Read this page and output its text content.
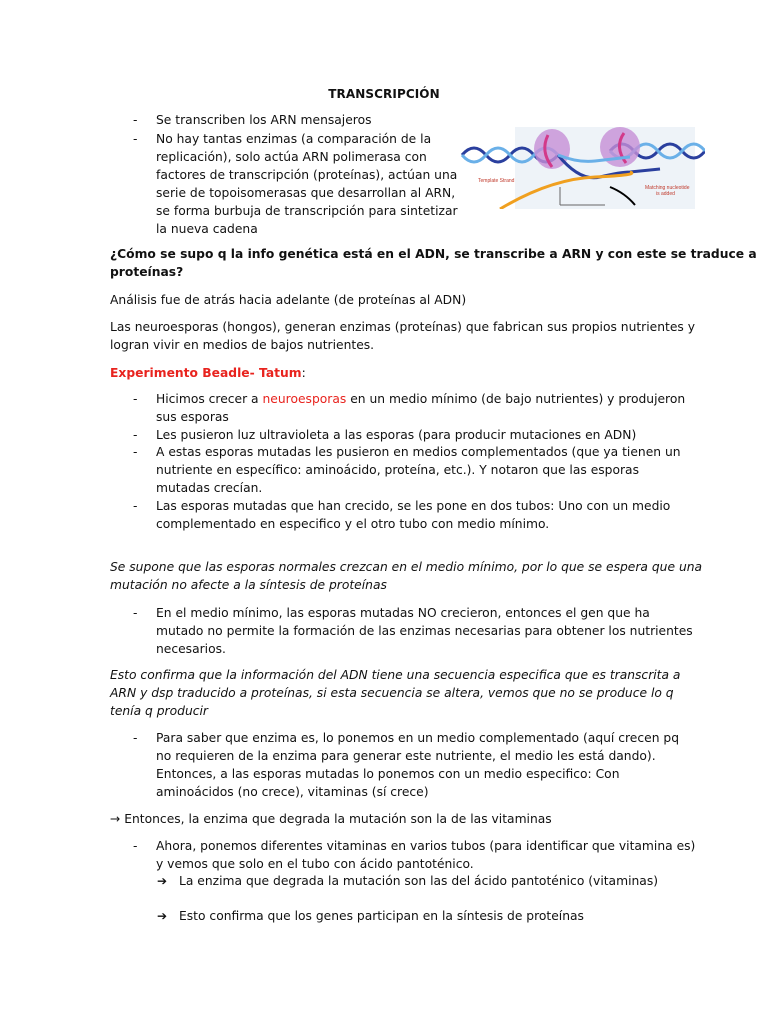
TRANSCRIPCIÓN
- Se transcriben los ARN mensajeros
- No hay tantas enzimas (a comparación de la
replicación), solo actúa ARN polimerasa con
factores de transcripción (proteínas), actúan una
serie de topoisomerasas que desarrollan al ARN,
se forma burbuja de transcripción para sintetizar
la nueva cadena
Template Strand
Matching nucleotide
is added
¿Cómo se supo q la info genética está en el ADN, se transcribe a ARN y con este se traduce a
proteínas?
Análisis fue de atrás hacia adelante (de proteínas al ADN)
Las neuroesporas (hongos), generan enzimas (proteínas) que fabrican sus propios nutrientes y
logran vivir en medios de bajos nutrientes.
Experimento Beadle- Tatum:
- Hicimos crecer a neuroesporas en un medio mínimo (de bajo nutrientes) y produjeron
sus esporas
- Les pusieron luz ultravioleta a las esporas (para producir mutaciones en ADN)
- A estas esporas mutadas les pusieron en medios complementados (que ya tienen un
nutriente en específico: aminoácido, proteína, etc.). Y notaron que las esporas
mutadas crecían.
- Las esporas mutadas que han crecido, se les pone en dos tubos: Uno con un medio
complementado en especifico y el otro tubo con medio mínimo.
Se supone que las esporas normales crezcan en el medio mínimo, por lo que se espera que una
mutación no afecte a la síntesis de proteínas
- En el medio mínimo, las esporas mutadas NO crecieron, entonces el gen que ha
mutado no permite la formación de las enzimas necesarias para obtener los nutrientes
necesarios.
Esto confirma que la información del ADN tiene una secuencia especifica que es transcrita a
ARN y dsp traducido a proteínas, si esta secuencia se altera, vemos que no se produce lo q
tenía q producir
- Para saber que enzima es, lo ponemos en un medio complementado (aquí crecen pq
no requieren de la enzima para generar este nutriente, el medio les está dando).
Entonces, a las esporas mutadas lo ponemos con un medio especifico: Con
aminoácidos (no crece), vitaminas (sí crece)
→ Entonces, la enzima que degrada la mutación son la de las vitaminas
- Ahora, ponemos diferentes vitaminas en varios tubos (para identificar que vitamina es)
y vemos que solo en el tubo con ácido pantoténico.
➔ La enzima que degrada la mutación son las del ácido pantoténico (vitaminas)
➔ Esto confirma que los genes participan en la síntesis de proteínas
